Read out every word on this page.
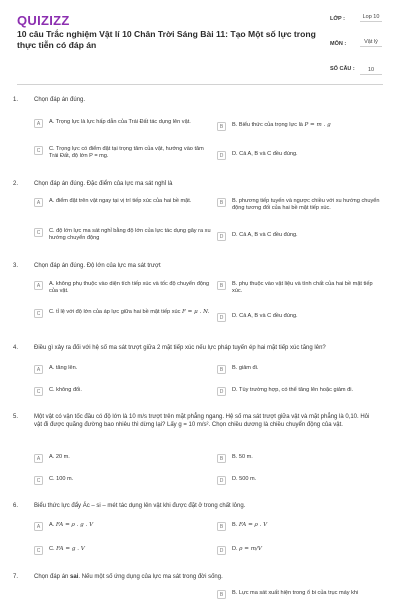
QUIZIZZ
10 câu Trắc nghiệm Vật lí 10 Chân Trời Sáng Bài 11: Tạo Một số lực trong thực tiễn có đáp án
LỚP :	Lop 10
MÔN :	Vật lý
SỐ CÂU :	10
1.	Chọn đáp án đúng.
A	A. Trọng lực là lực hấp dẫn của Trái Đất tác dụng lên vật.
B	B. Biểu thức của trọng lực là P = m . g
C	C. Trọng lực có điểm đặt tại trọng tâm của vật, hướng vào tâm Trái Đất, độ lớn P = mg.	D	D. Cả A, B và C đều đúng.
2.	Chọn đáp án đúng. Đặc điểm của lực ma sát nghỉ là
A	A. điểm đặt trên vật ngay tại vị trí tiếp xúc của hai bề mặt.	B	B. phương tiếp tuyến và ngược chiều với xu hướng chuyển động tương đối của hai bề mặt tiếp xúc.
C	C. độ lớn lực ma sát nghỉ bằng độ lớn của lực tác dụng gây ra xu hướng chuyển động	D	D. Cả A, B và C đều đúng.
3.	Chọn đáp án đúng. Độ lớn của lực ma sát trượt
A	A. không phụ thuộc vào diện tích tiếp xúc và tốc độ chuyển động của vật.
B	B. phụ thuộc vào vật liệu và tình chất của hai bề mặt tiếp xúc.
C	C. tỉ lệ với độ lớn của áp lực giữa hai bề mặt tiếp xúc F = μ . N.
D	D. Cả A, B và C đều đúng.
4.	Điều gì xảy ra đối với hệ số ma sát trượt giữa 2 mặt tiếp xúc nếu lực pháp tuyến ép hai mặt tiếp xúc tăng lên?
A	A. tăng lên.	B	B. giảm đi.
C	C. không đổi.	D	D. Tùy trường hợp, có thể tăng lên hoặc giảm đi.
5.	Một vật có vận tốc đầu có độ lớn là 10 m/s trượt trên mặt phẳng ngang. Hệ số ma sát trượt giữa vật và mặt phẳng là 0,10. Hỏi vật đi được quãng đường bao nhiêu thì dừng lại? Lấy g = 10 m/s². Chọn chiều dương là chiều chuyển động của vật.
A	A. 20 m.	B	B. 50 m.
C	C. 100 m.	D	D. 500 m.
6.	Biểu thức lực đẩy Ác – si – mét tác dụng lên vật khi được đặt ở trong chất lỏng.
A	A. FA = ρ . g . V	B	B. FA = ρ . V
C	C. FA = g . V	D	D. ρ = m/V
7.	Chọn đáp án sai. Nếu một số ứng dụng của lực ma sát trong đời sống.
B	B. Lực ma sát xuất hiện trong ổ bi của trục máy khi
